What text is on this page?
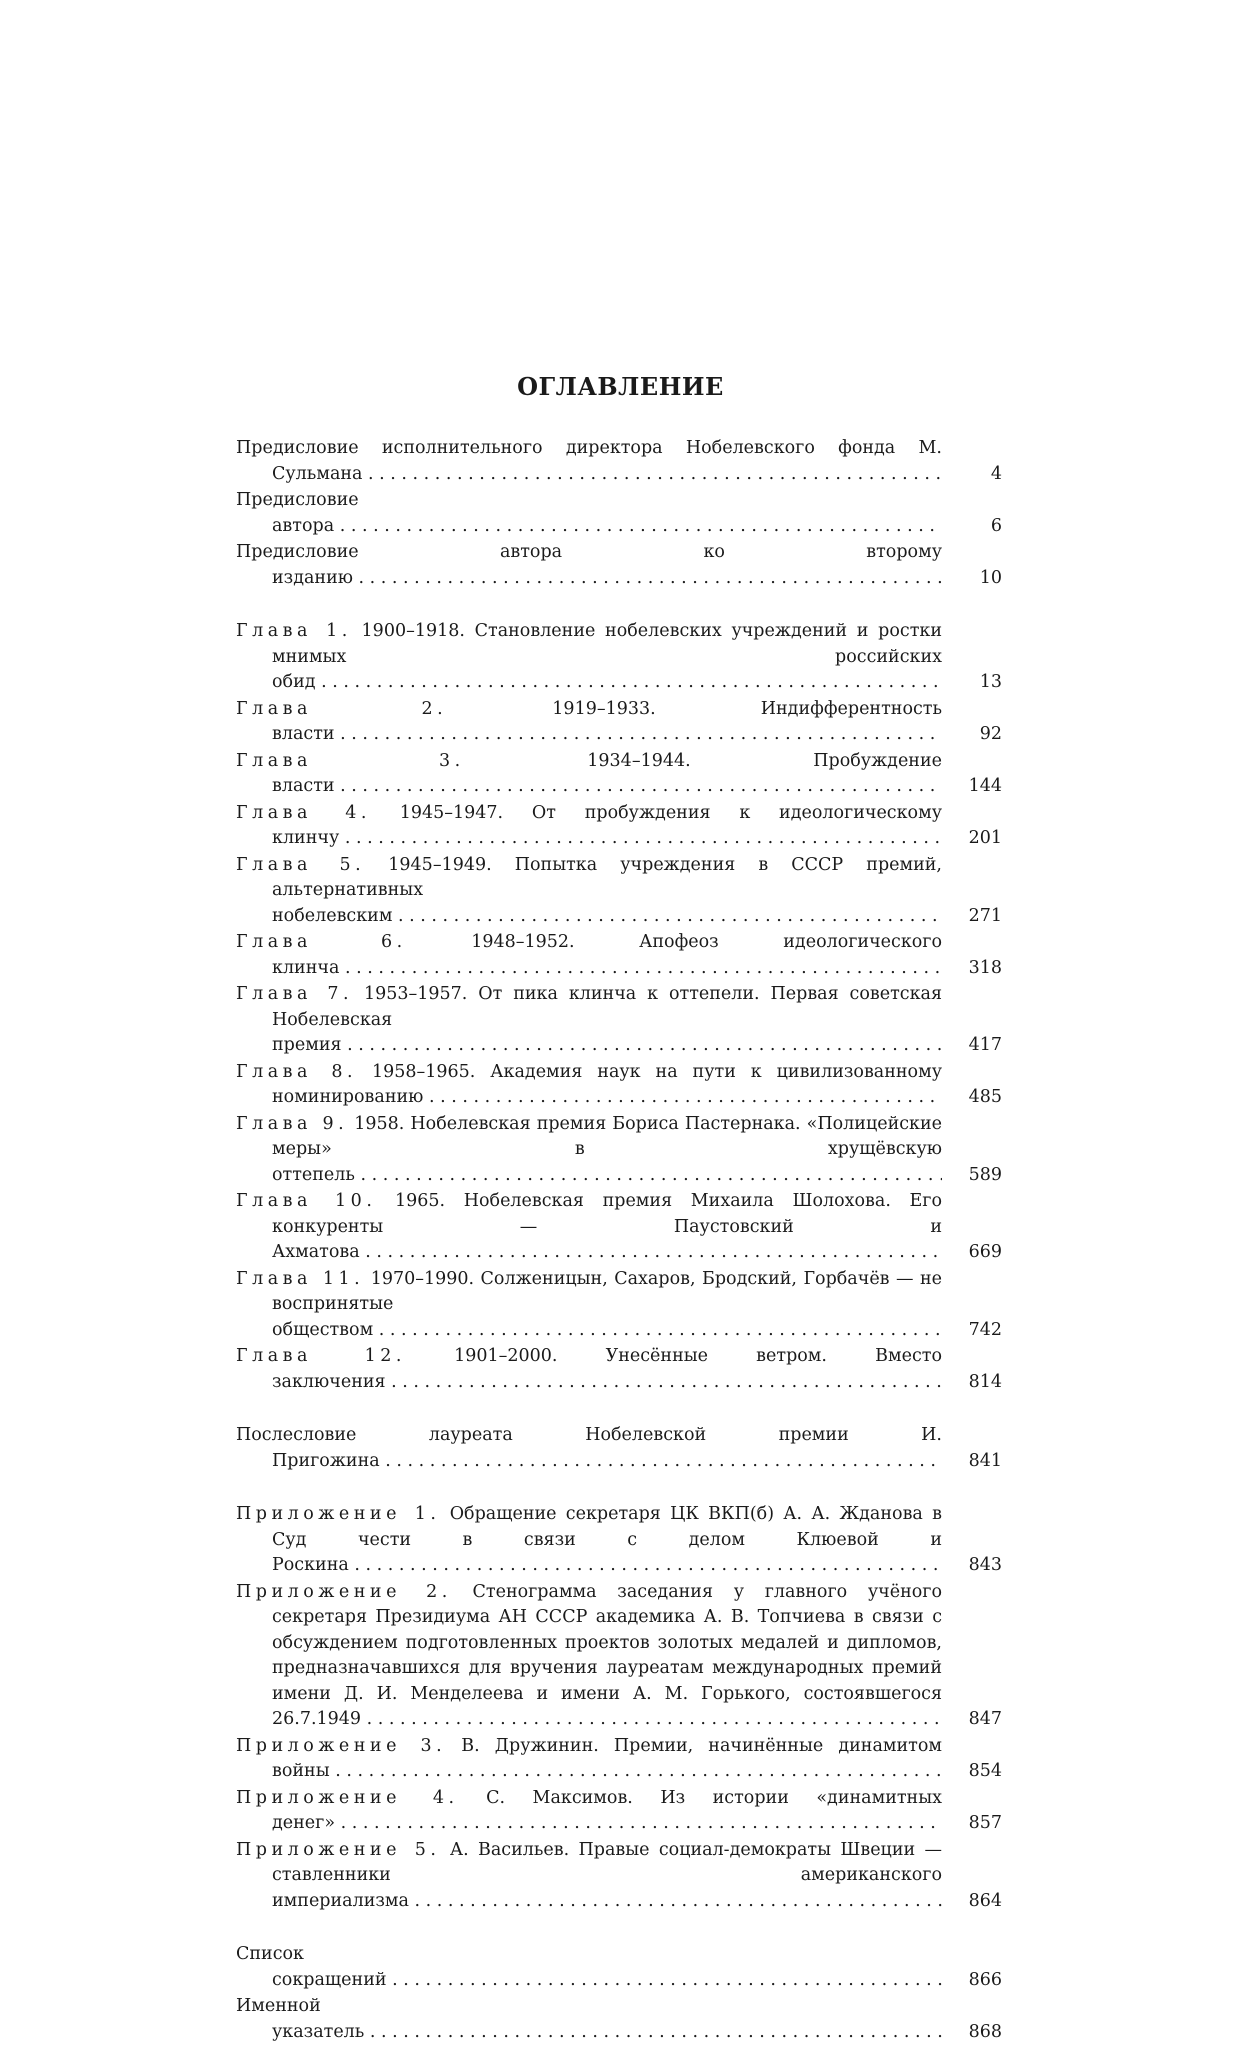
ОГЛАВЛЕНИЕ
Предисловие исполнительного директора Нобелевского фонда М. Сульмана . . .	4
Предисловие автора . . .	6
Предисловие автора ко второму изданию . . .	10
Глава 1. 1900–1918. Становление нобелевских учреждений и ростки мнимых российских обид . . .	13
Глава 2.	1919–1933. Индифферентность власти . . .	92
Глава 3.	1934–1944. Пробуждение власти . . .	144
Глава 4. 1945–1947. От пробуждения к идеологическому клинчу . . .	201
Глава 5. 1945–1949. Попытка учреждения в СССР премий, альтернативных нобелевским . . .	271
Глава 6.	1948–1952. Апофеоз идеологического клинча . . .	318
Глава 7. 1953–1957. От пика клинча к оттепели. Первая советская Нобелевская премия . . .	417
Глава 8. 1958–1965. Академия наук на пути к цивилизованному номинированию . . .	485
Глава 9. 1958. Нобелевская премия Бориса Пастернака. «Полицейские меры» в хрущёвскую оттепель . . .	589
Глава 10. 1965. Нобелевская премия Михаила Шолохова. Его конкуренты — Паустовский и Ахматова . . .	669
Глава 11. 1970–1990. Солженицын, Сахаров, Бродский, Горбачёв — не воспринятые обществом . . .	742
Глава 12.	1901–2000. Унесённые ветром. Вместо заключения . . .	814
Послесловие лауреата Нобелевской премии И. Пригожина . . .	841
Приложение 1. Обращение секретаря ЦК ВКП(б) А. А. Жданова в Суд чести в связи с делом Клюевой и Роскина . . .	843
Приложение 2. Стенограмма заседания у главного учёного секретаря Президиума АН СССР академика А. В. Топчиева в связи с обсуждением подготовленных проектов золотых медалей и дипломов, предназначавшихся для вручения лауреатам международных премий имени Д. И. Менделеева и имени А. М. Горького, состоявшегося 26.7.1949 . . .	847
Приложение 3. В. Дружинин. Премии, начинённые динамитом войны . . .	854
Приложение 4. С. Максимов. Из истории «динамитных денег» . . .	857
Приложение 5. А. Васильев. Правые социал-демократы Швеции — ставленники американского империализма . . .	864
Список сокращений . . .	866
Именной указатель . . .	868
